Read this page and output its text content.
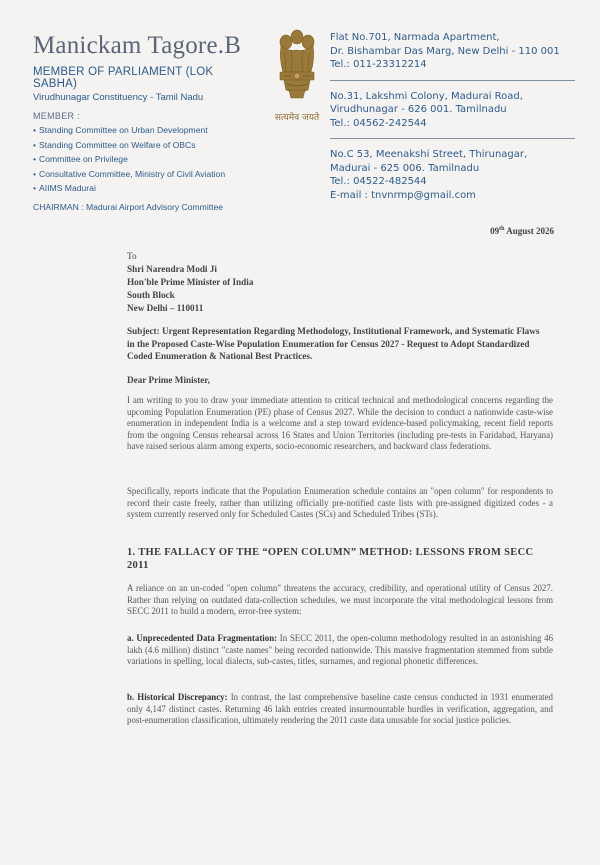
Manickam Tagore.B
MEMBER OF PARLIAMENT (LOK SABHA)
Virudhunagar Constituency - Tamil Nadu
MEMBER :
• Standing Committee on Urban Development
• Standing Committee on Welfare of OBCs
• Committee on Privilege
• Consultative Committee, Ministry of Civil Aviation
• AIIMS Madurai
CHAIRMAN : Madurai Airport Advisory Committee
सत्यमेव जयते
Flat No.701, Narmada Apartment,
Dr. Bishambar Das Marg, New Delhi - 110 001
Tel.: 011-23312214
No.31, Lakshmi Colony, Madurai Road,
Virudhunagar - 626 001. Tamilnadu
Tel.: 04562-242544
No.C 53, Meenakshi Street, Thirunagar,
Madurai - 625 006. Tamilnadu
Tel.: 04522-482544
E-mail : tnvnrmp@gmail.com
09th August 2026
To
Shri Narendra Modi Ji
Hon'ble Prime Minister of India
South Block
New Delhi – 110011
Subject: Urgent Representation Regarding Methodology, Institutional Framework, and Systematic Flaws in the Proposed Caste-Wise Population Enumeration for Census 2027 - Request to Adopt Standardized Coded Enumeration & National Best Practices.
Dear Prime Minister,
I am writing to you to draw your immediate attention to critical technical and methodological concerns regarding the upcoming Population Enumeration (PE) phase of Census 2027. While the decision to conduct a nationwide caste-wise enumeration in independent India is a welcome and a step toward evidence-based policymaking, recent field reports from the ongoing Census rehearsal across 16 States and Union Territories (including pre-tests in Faridabad, Haryana) have raised serious alarm among experts, socio-economic researchers, and backward class federations.
Specifically, reports indicate that the Population Enumeration schedule contains an "open column" for respondents to record their caste freely, rather than utilizing officially pre-notified caste lists with pre-assigned digitized codes - a system currently reserved only for Scheduled Castes (SCs) and Scheduled Tribes (STs).
1. THE FALLACY OF THE “OPEN COLUMN” METHOD: LESSONS FROM SECC 2011
A reliance on an un-coded "open column" threatens the accuracy, credibility, and operational utility of Census 2027. Rather than relying on outdated data-collection schedules, we must incorporate the vital methodological lessons from SECC 2011 to build a modern, error-free system:
a. Unprecedented Data Fragmentation: In SECC 2011, the open-column methodology resulted in an astonishing 46 lakh (4.6 million) distinct "caste names" being recorded nationwide. This massive fragmentation stemmed from subtle variations in spelling, local dialects, sub-castes, titles, surnames, and regional phonetic differences.
b. Historical Discrepancy: In contrast, the last comprehensive baseline caste census conducted in 1931 enumerated only 4,147 distinct castes. Returning 46 lakh entries created insurmountable hurdles in verification, aggregation, and post-enumeration classification, ultimately rendering the 2011 caste data unusable for social justice policies.
